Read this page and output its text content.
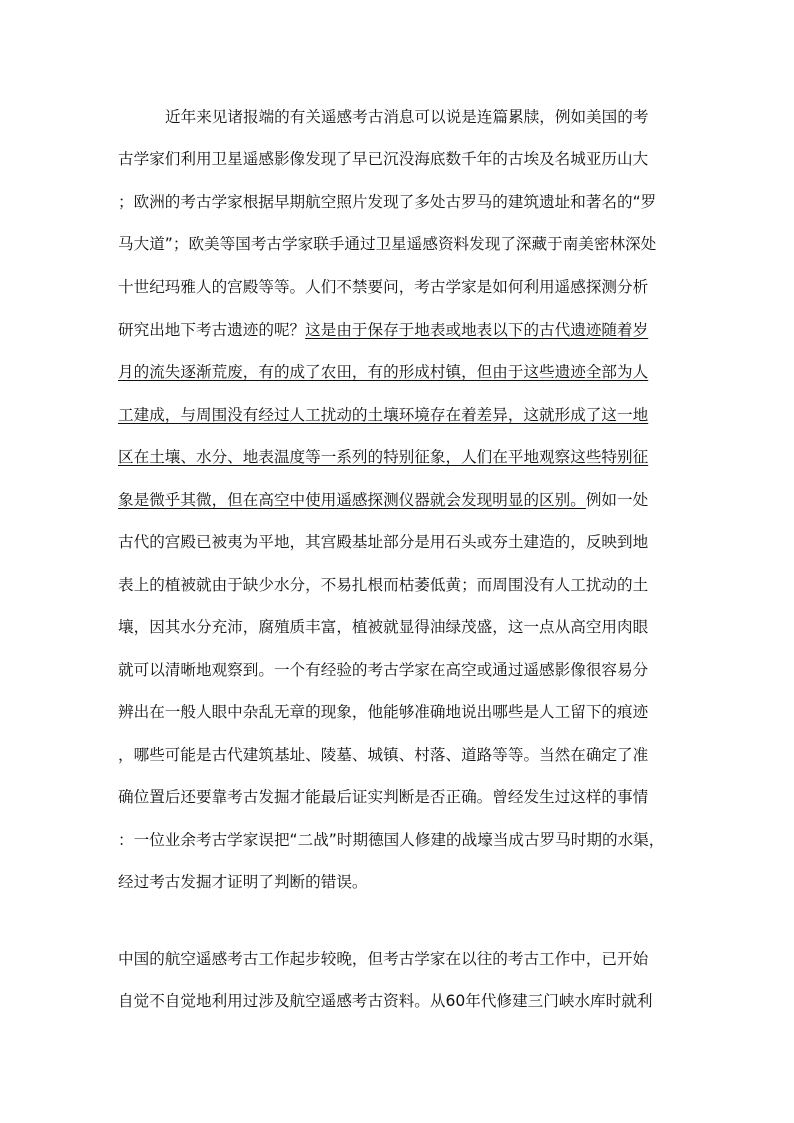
近年来见诸报端的有关遥感考古消息可以说是连篇累牍，例如美国的考
古学家们利用卫星遥感影像发现了早已沉没海底数千年的古埃及名城亚历山大
；欧洲的考古学家根据早期航空照片发现了多处古罗马的建筑遗址和著名的“罗
马大道”；欧美等国考古学家联手通过卫星遥感资料发现了深藏于南美密林深处
十世纪玛雅人的宫殿等等。人们不禁要问，考古学家是如何利用遥感探测分析
研究出地下考古遗迹的呢？这是由于保存于地表或地表以下的古代遗迹随着岁
月的流失逐渐荒废，有的成了农田，有的形成村镇，但由于这些遗迹全部为人
工建成，与周围没有经过人工扰动的土壤环境存在着差异，这就形成了这一地
区在土壤、水分、地表温度等一系列的特别征象，人们在平地观察这些特别征
象是微乎其微，但在高空中使用遥感探测仪器就会发现明显的区别。例如一处
古代的宫殿已被夷为平地，其宫殿基址部分是用石头或夯土建造的，反映到地
表上的植被就由于缺少水分，不易扎根而枯萎低黄；而周围没有人工扰动的土
壤，因其水分充沛，腐殖质丰富，植被就显得油绿茂盛，这一点从高空用肉眼
就可以清晰地观察到。一个有经验的考古学家在高空或通过遥感影像很容易分
辨出在一般人眼中杂乱无章的现象，他能够准确地说出哪些是人工留下的痕迹
，哪些可能是古代建筑基址、陵墓、城镇、村落、道路等等。当然在确定了准
确位置后还要靠考古发掘才能最后证实判断是否正确。曾经发生过这样的事情
：一位业余考古学家误把“二战”时期德国人修建的战壕当成古罗马时期的水渠，
经过考古发掘才证明了判断的错误。
中国的航空遥感考古工作起步较晚，但考古学家在以往的考古工作中，已开始
自觉不自觉地利用过涉及航空遥感考古资料。从60年代修建三门峡水库时就利
